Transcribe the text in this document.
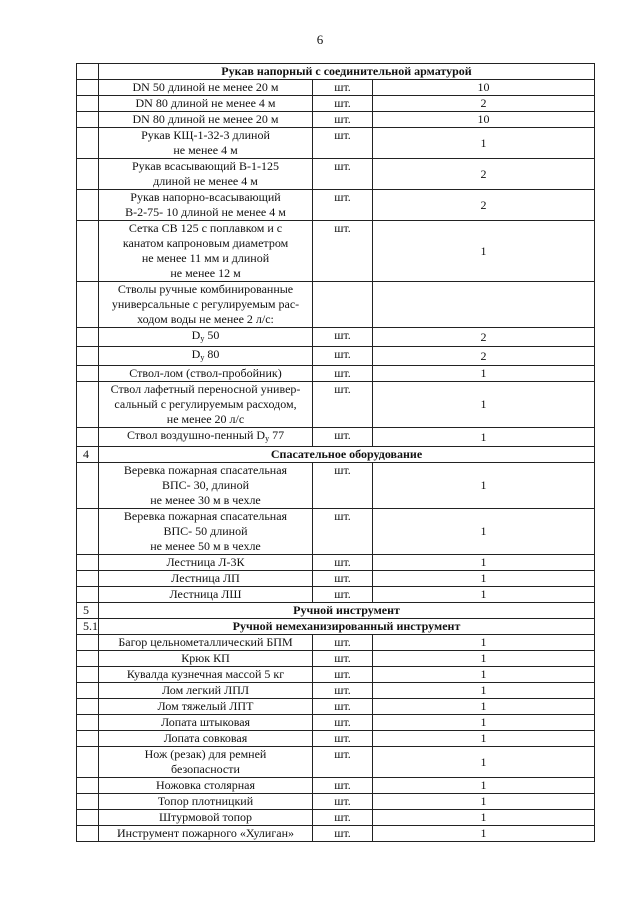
6
	Рукав напорный с соединительной арматурой		
	DN 50 длиной не менее 20 м	шт.	10
	DN 80 длиной не менее 4 м	шт.	2
	DN 80 длиной не менее 20 м	шт.	10
	Рукав КЩ-1-32-3 длиной
не менее 4 м	шт.	1
	Рукав всасывающий В-1-125
длиной не менее 4 м	шт.	2
	Рукав напорно-всасывающий
В-2-75- 10 длиной не менее 4 м	шт.	2
	Сетка СВ 125 с поплавком и с
канатом капроновым диаметром
не менее 11 мм и длиной
не менее 12 м	шт.	1
	Стволы ручные комбинированные
универсальные с регулируемым рас-
ходом воды не менее 2 л/с:		
	$D_у$ 50	шт.	2
	$D_у$ 80	шт.	2
	Ствол-лом (ствол-пробойник)	шт.	1
	Ствол лафетный переносной универ-
сальный с регулируемым расходом,
не менее 20 л/с	шт.	1
	Ствол воздушно-пенный $D_у$ 77	шт.	1
4	Спасательное оборудование		
	Веревка пожарная спасательная
ВПС- 30, длиной
не менее 30 м в чехле	шт.	1
	Веревка пожарная спасательная
ВПС- 50 длиной
не менее 50 м в чехле	шт.	1
	Лестница Л-3К	шт.	1
	Лестница ЛП	шт.	1
	Лестница ЛШ	шт.	1
5	Ручной инструмент		
5.1	Ручной немеханизированный инструмент		
	Багор цельнометаллический БПМ	шт.	1
	Крюк КП	шт.	1
	Кувалда кузнечная массой 5 кг	шт.	1
	Лом легкий ЛПЛ	шт.	1
	Лом тяжелый ЛПТ	шт.	1
	Лопата штыковая	шт.	1
	Лопата совковая	шт.	1
	Нож (резак) для ремней
безопасности	шт.	1
	Ножовка столярная	шт.	1
	Топор плотницкий	шт.	1
	Штурмовой топор	шт.	1
	Инструмент пожарного «Хулиган»	шт.	1
